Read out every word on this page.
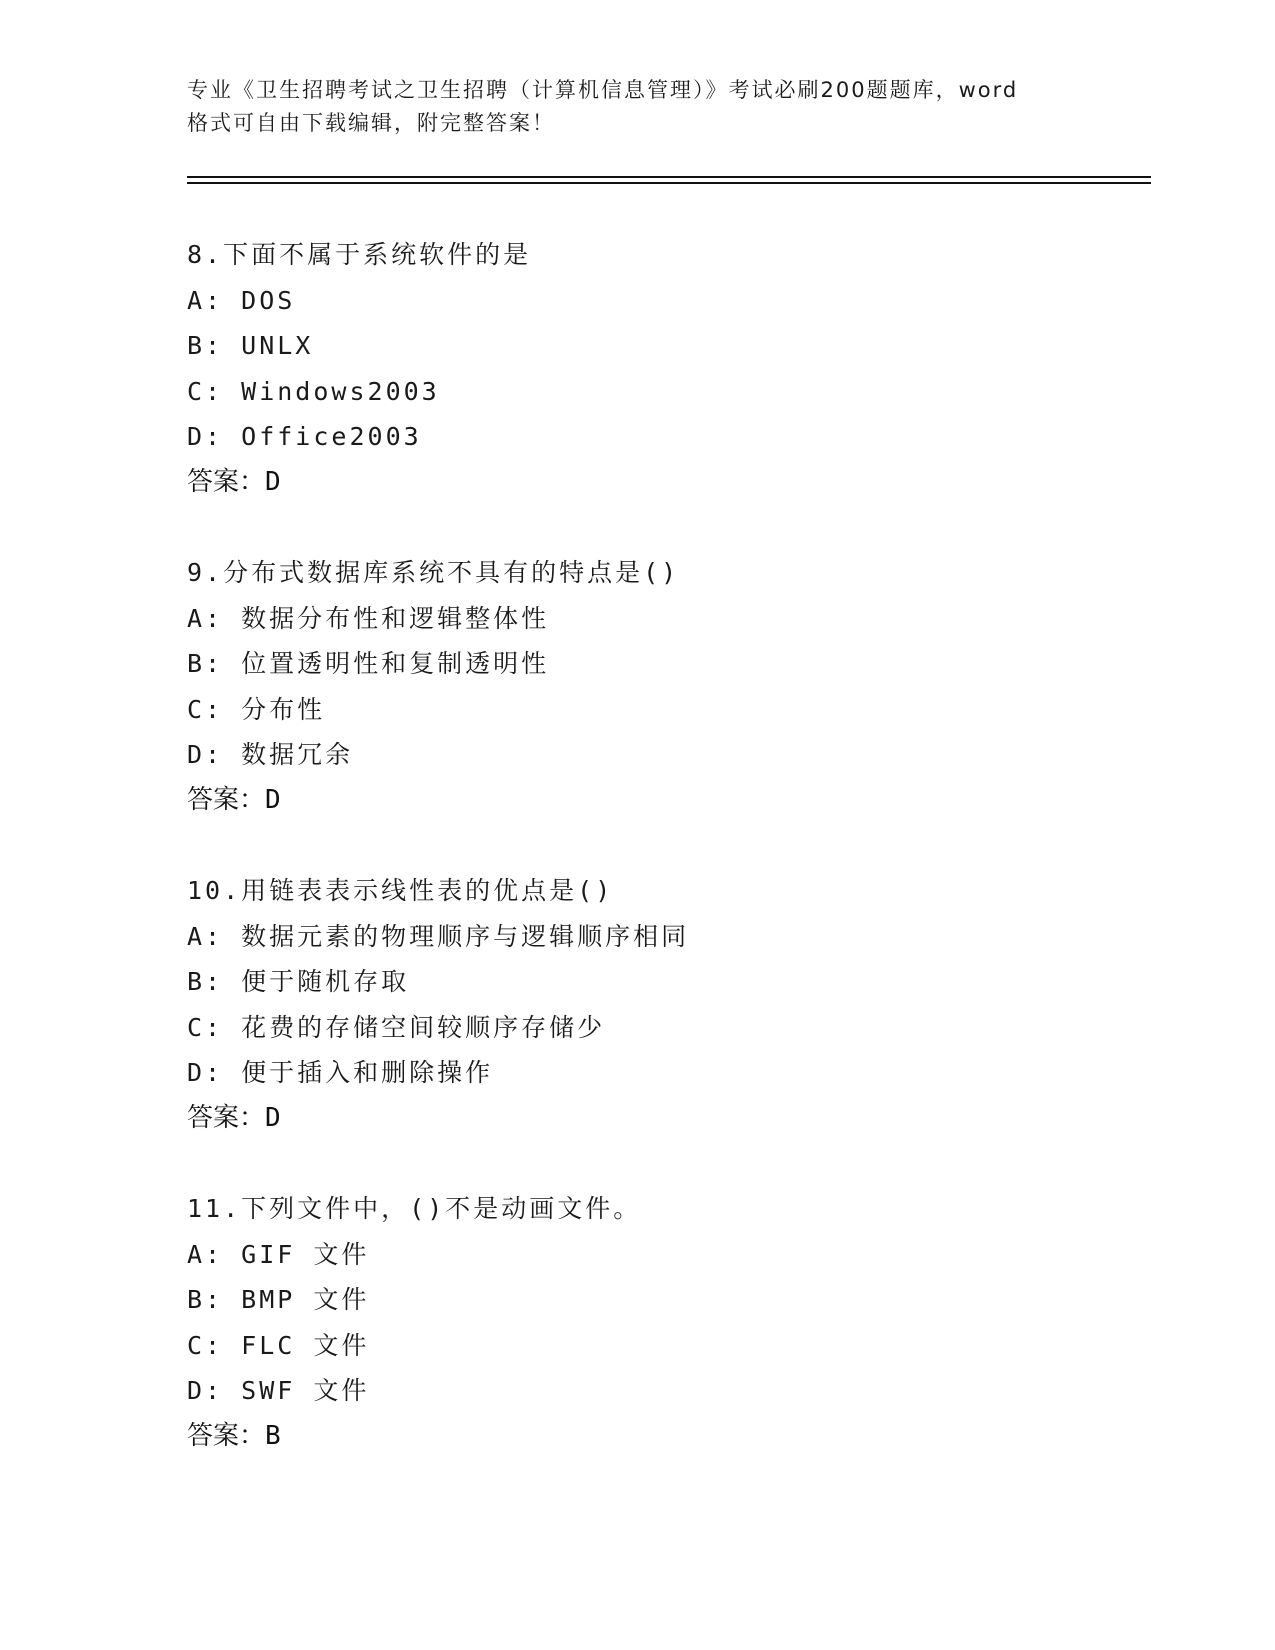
专业《卫生招聘考试之卫生招聘（计算机信息管理）》考试必刷200题题库，word
格式可自由下载编辑，附完整答案！
8.下面不属于系统软件的是
A: DOS
B: UNLX
C: Windows2003
D: Office2003
答案：D
9.分布式数据库系统不具有的特点是()
A: 数据分布性和逻辑整体性
B: 位置透明性和复制透明性
C: 分布性
D: 数据冗余
答案：D
10.用链表表示线性表的优点是()
A: 数据元素的物理顺序与逻辑顺序相同
B: 便于随机存取
C: 花费的存储空间较顺序存储少
D: 便于插入和删除操作
答案：D
11.下列文件中，()不是动画文件。
A: GIF 文件
B: BMP 文件
C: FLC 文件
D: SWF 文件
答案：B
